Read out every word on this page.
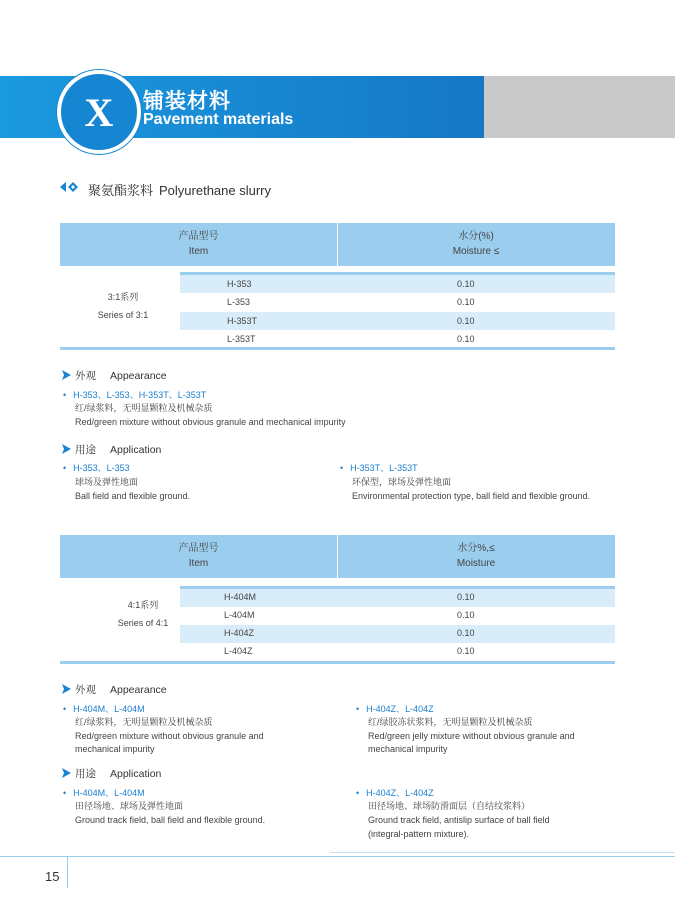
X 铺装材料
Pavement materials
聚氨酯浆料 Polyurethane slurry
产品型号
Item
水分(%)
Moisture ≤
3:1系列
Series of 3:1
H-353	0.10
L-353	0.10
H-353T	0.10
L-353T	0.10
外观 Appearance
• H-353、L-353、H-353T、L-353T
红/绿浆料，无明显颗粒及机械杂质
Red/green mixture without obvious granule and mechanical impurity
用途 Application
• H-353、L-353
球场及弹性地面
Ball field and flexible ground.
• H-353T、L-353T
环保型，球场及弹性地面
Environmental protection type, ball field and flexible ground.
产品型号
Item
水分%,≤
Moisture
4:1系列
Series of 4:1
H-404M	0.10
L-404M	0.10
H-404Z	0.10
L-404Z	0.10
外观 Appearance
• H-404M、L-404M
红/绿浆料，无明显颗粒及机械杂质
Red/green mixture without obvious granule and
mechanical impurity
• H-404Z、L-404Z
红/绿胶冻状浆料，无明显颗粒及机械杂质
Red/green jelly mixture without obvious granule and
mechanical impurity
用途 Application
• H-404M、L-404M
田径场地、球场及弹性地面
Ground track field, ball field and flexible ground.
• H-404Z、L-404Z
田径场地、球场防滑面层（自结纹浆料）
Ground track field, antislip surface of ball field
(integral-pattern mixture).
15
